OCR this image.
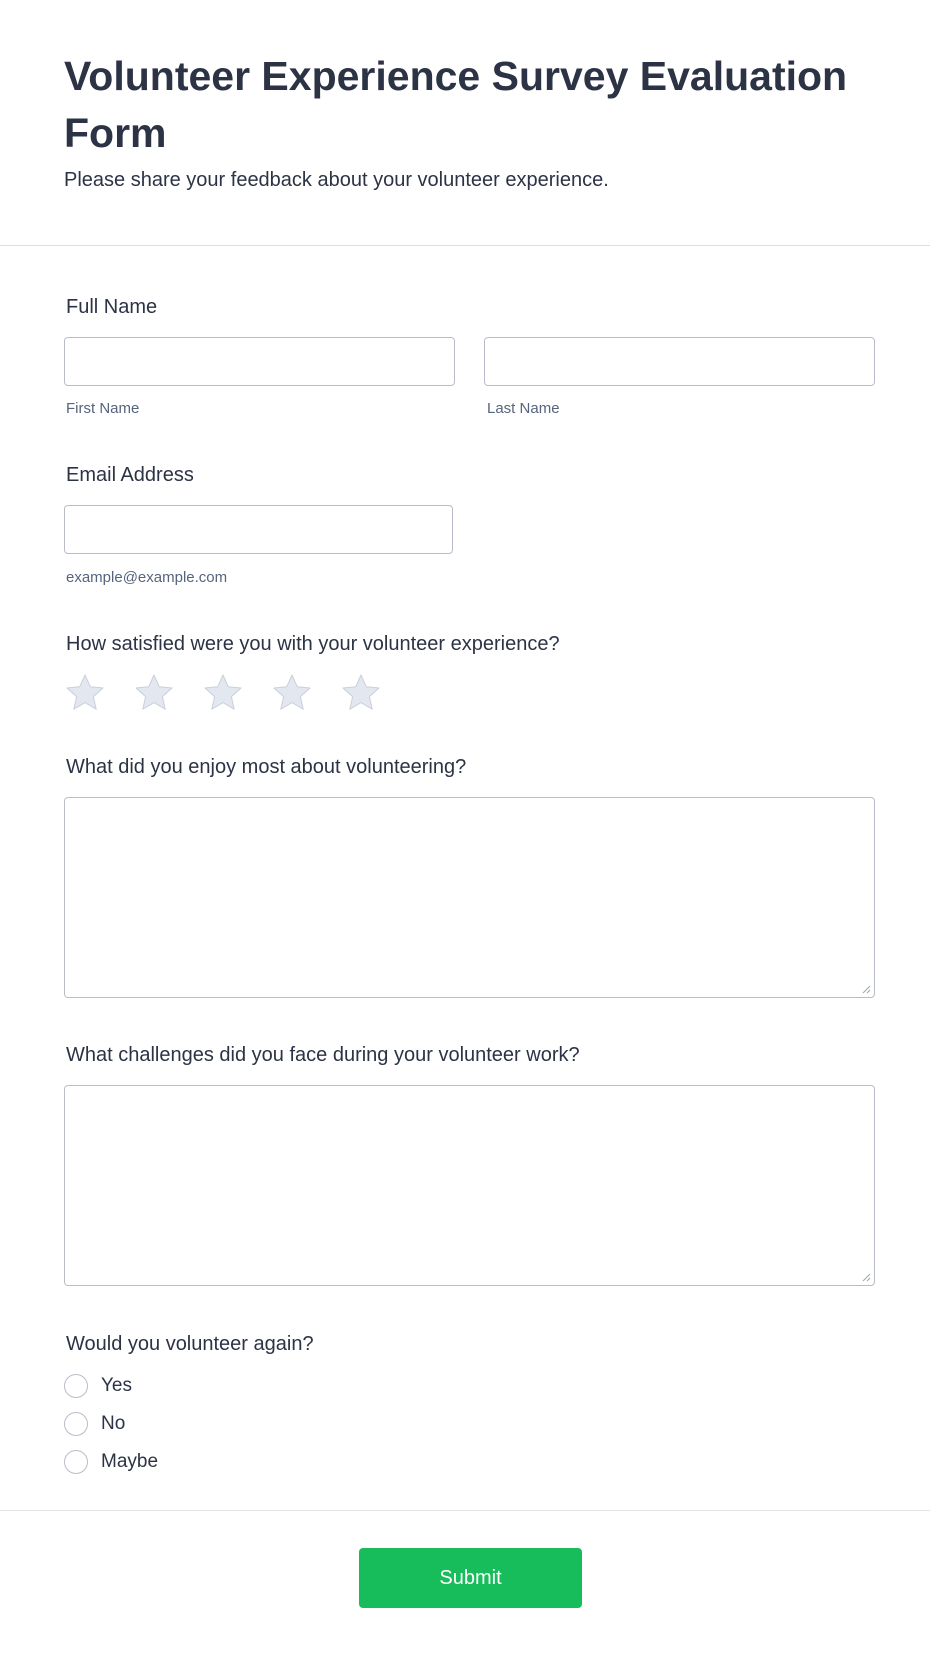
Volunteer Experience Survey Evaluation Form

Please share your feedback about your volunteer experience.

Full Name
First Name	Last Name
Email Address
example@example.com
How satisfied were you with your volunteer experience?
What did you enjoy most about volunteering?
What challenges did you face during your volunteer work?
Would you volunteer again?
Yes
No
Maybe
Submit
